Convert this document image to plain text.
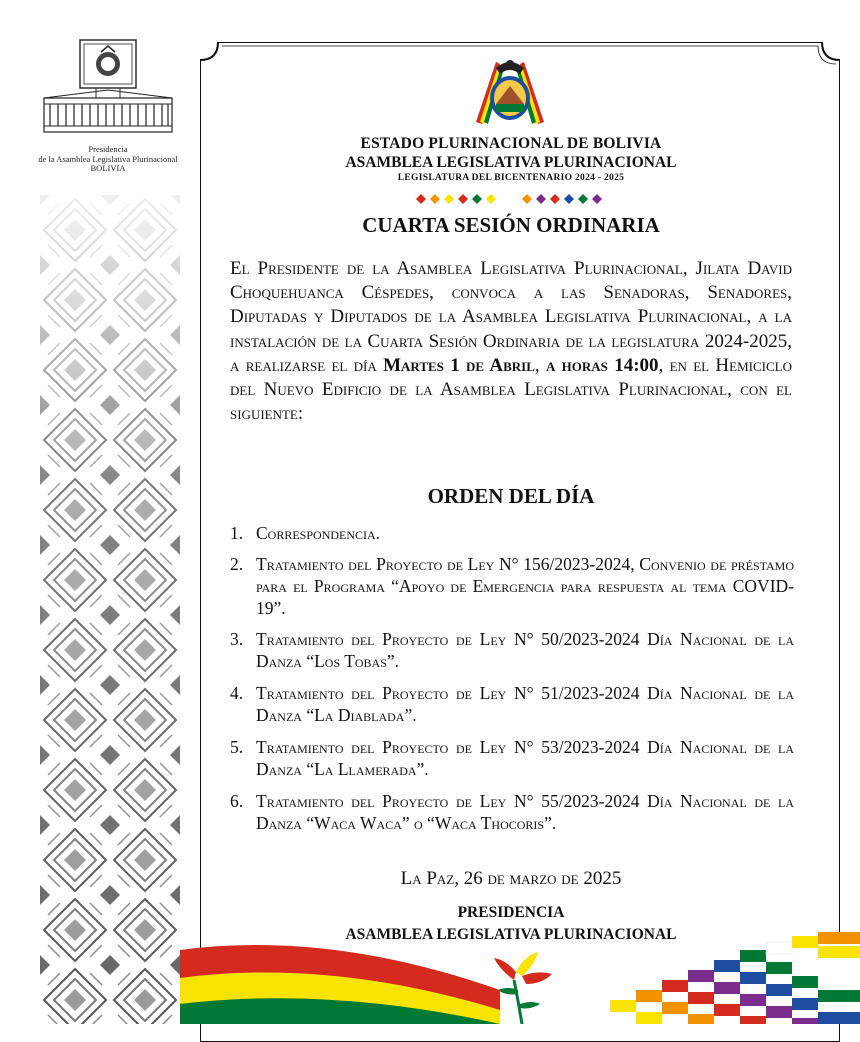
Presidencia
de la Asamblea Legislativa Plurinacional
BOLIVIA
ESTADO PLURINACIONAL DE BOLIVIA
ASAMBLEA LEGISLATIVA PLURINACIONAL
LEGISLATURA DEL BICENTENARIO 2024 - 2025
CUARTA SESIÓN ORDINARIA
El Presidente de la Asamblea Legislativa Plurinacional, Jilata David Choquehuanca Céspedes, convoca a las Senadoras, Senadores, Diputadas y Diputados de la Asamblea Legislativa Plurinacional, a la instalación de la Cuarta Sesión Ordinaria de la legislatura 2024-2025, a realizarse el día Martes 1 de Abril, a horas 14:00, en el Hemiciclo del Nuevo Edificio de la Asamblea Legislativa Plurinacional, con el siguiente:
ORDEN DEL DÍA
1. Correspondencia.
2. Tratamiento del Proyecto de Ley N° 156/2023-2024, Convenio de préstamo para el Programa “Apoyo de Emergencia para respuesta al tema COVID-19”.
3. Tratamiento del Proyecto de Ley N° 50/2023-2024 Día Nacional de la Danza “Los Tobas”.
4. Tratamiento del Proyecto de Ley N° 51/2023-2024 Día Nacional de la Danza “La Diablada”.
5. Tratamiento del Proyecto de Ley N° 53/2023-2024 Día Nacional de la Danza “La Llamerada”.
6. Tratamiento del Proyecto de Ley N° 55/2023-2024 Día Nacional de la Danza “Waca Waca” o “Waca Thocoris”.
La Paz, 26 de marzo de 2025
PRESIDENCIA
ASAMBLEA LEGISLATIVA PLURINACIONAL
